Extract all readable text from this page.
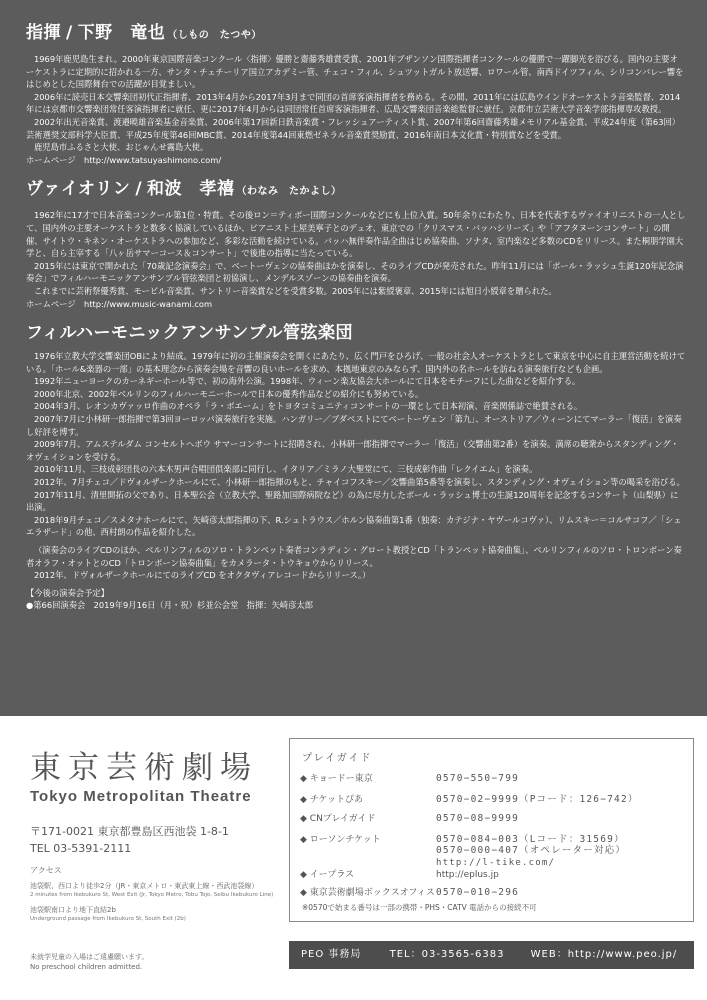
指揮 / 下野　竜也 （しもの　たつや）

1969年鹿児島生まれ。2000年東京国際音楽コンクール〈指揮〉優勝と齋藤秀雄賞受賞、2001年ブザンソン国際指揮者コンクールの優勝で一躍脚光を浴びる。国内の主要オーケストラに定期的に招かれる一方、サンタ・チェチーリア国立アカデミー管、チェコ・フィル、シュツットガルト放送響、ロワール管、南西ドイツフィル、シリコンバレー響をはじめとした国際舞台での活躍が目覚ましい。

2006年に読売日本交響楽団初代正指揮者、2013年4月から2017年3月まで同団の首席客演指揮者を務める。その間、2011年には広島ウインドオーケストラ音楽監督、2014年には京都市交響楽団常任客演指揮者に就任、更に2017年4月からは同団常任首席客演指揮者、広島交響楽団音楽総監督に就任。京都市立芸術大学音楽学部指揮専攻教授。

2002年出光音楽賞、渡邉曉雄音楽基金音楽賞、2006年第17回新日鉄音楽賞・フレッシュアーティスト賞、2007年第6回齋藤秀雄メモリアル基金賞、平成24年度（第63回）芸術選奨文部科学大臣賞、平成25年度第46回MBC賞、2014年度第44回東燃ゼネラル音楽賞奨励賞、2016年南日本文化賞・特別賞などを受賞。

鹿児島市ふるさと大使、おじゃんせ霧島大使。

ホームページ　 http://www.tatsuyashimono.com/

ヴァイオリン / 和波　孝禧 （わなみ　たかよし）

1962年に17才で日本音楽コンクール第1位・特賞。その後ロン＝ティボー国際コンクールなどにも上位入賞。50年余りにわたり、日本を代表するヴァイオリニストの一人として、国内外の主要オーケストラと数多く協演しているほか、ピアニスト土屋美寧子とのデュオ、東京での「クリスマス・バッハシリーズ」や「アフタヌーンコンサート」の開催、サイトウ・キネン・オーケストラへの参加など、多彩な活動を続けている。バッハ無伴奏作品全曲はじめ協奏曲、ソナタ、室内楽など多数のCDをリリース。また桐朋学園大学と、自ら主宰する「八ヶ岳サマーコース＆コンサート」で後進の指導に当たっている。

2015年には東京で開かれた「70歳記念演奏会」で、ベートーヴェンの協奏曲ほかを演奏し、そのライブCDが発売された。昨年11月には「ポール・ラッシュ生誕120年記念演奏会」でフィルハーモニックアンサンブル管弦楽団と初協演し、メンデルスゾーンの協奏曲を演奏。

これまでに芸術祭優秀賞、モービル音楽賞、サントリー音楽賞などを受賞多数。2005年には紫綬褒章、2015年には旭日小綬章を贈られた。

ホームページ　 http://www.music-wanami.com

フィルハーモニックアンサンブル管弦楽団

1976年立教大学交響楽団OBにより結成。1979年に初の主催演奏会を開くにあたり、広く門戸をひろげ、一般の社会人オーケストラとして東京を中心に自主運営活動を続けている。「ホール&楽器の一部」の基本理念から演奏会場を音響の良いホールを求め、本拠地東京のみならず、国内外の名ホールを訪ねる演奏旅行なども企画。

1992年ニューヨークのカーネギーホール等で、初の海外公演。1998年、ウィーン楽友協会大ホールにて日本をモチーフにした曲などを紹介する。

2000年北京、2002年ベルリンのフィルハーモニーホールで日本の優秀作品などの紹介にも努めている。

2004年3月、レオンカヴァッロ作曲のオペラ「ラ・ボエーム」をトヨタコミュニティコンサートの一環として日本初演、音楽関係誌で絶賛される。

2007年7月に小林研一郎指揮で第3回ヨーロッパ演奏旅行を実施。ハンガリー／ブダペストにてベートーヴェン「第九」、オーストリア／ウィーンにてマーラー「復活」を演奏し好評を博す。

2009年7月、アムステルダム コンセルトヘボウ サマーコンサートに招聘され、小林研一郎指揮でマーラー「復活」（交響曲第2番）を演奏。満席の聴衆からスタンディング・オヴェイションを受ける。

2010年11月、三枝成彰団長の六本木男声合唱団倶楽部に同行し、イタリア／ミラノ大聖堂にて、三枝成彰作曲「レクイエム」を演奏。

2012年、7月チェコ／ドヴォルザークホールにて、小林研一郎指揮のもと、チャイコフスキー／交響曲第5番等を演奏し、スタンディング・オヴェイション等の喝采を浴びる。

2017年11月、清里開拓の父であり、日本聖公会（立教大学、聖路加国際病院など）の為に尽力したポール・ラッシュ博士の生誕120周年を記念するコンサート（山梨県）に出演。

2018年9月チェコ／スメタナホールにて、矢崎彦太郎指揮の下、R.シュトラウス／ホルン協奏曲第1番（独奏：カテジナ・ヤヴールコヴァ）、リムスキー＝コルサコフ／「シェエラザード」の他、西村朗の作品を紹介した。

（演奏会のライブCDのほか、ベルリンフィルのソロ・トランペット奏者コンラディン・グロート教授とCD「トランペット協奏曲集」、ベルリンフィルのソロ・トロンボーン奏者オラフ・オットとのCD「トロンボーン協奏曲集」をカメラータ・トウキョウからリリース。

2012年、ドヴォルザークホールにてのライブCD をオクタヴィアレコードからリリース。）

【今後の演奏会予定】

●第66回演奏会　2019年9月16日（月・祝）杉並公会堂　指揮：矢崎彦太郎

東京芸術劇場
Tokyo Metropolitan Theatre
〒171-0021 東京都豊島区西池袋 1-8-1
TEL 03-5391-2111
アクセス
池袋駅、西口より徒歩2分（JR・東京メトロ・東武東上線・西武池袋線）
2 minutes from Ikebukuro St, West Exit (Jr, Tokyo Metro, Tobu Tojo, Seibu Ikebukuro Line)
池袋駅南口より地下直結2b
Underground passage from Ikebukuro St, South Exit (2b)
未就学児童の入場はご遠慮願います。
No preschool children admitted.
プレイガイド
◆ キョードー東京	0570−550−799
◆ チケットぴあ	0570−02−9999（Pコード：126−742）
◆ CNプレイガイド	0570−08−9999
◆ ローソンチケット	0570−084−003（Lコード：31569）
0570−000−407（オペレーター対応）
http://l-tike.com/
◆ イープラス	http://eplus.jp
◆ 東京芸術劇場ボックスオフィス0570−010−296
※0570で始まる番号は一部の携帯・PHS・CATV 電話からの接続不可
PEO 事務局	TEL：03-3565-6383	WEB：http://www.peo.jp/
